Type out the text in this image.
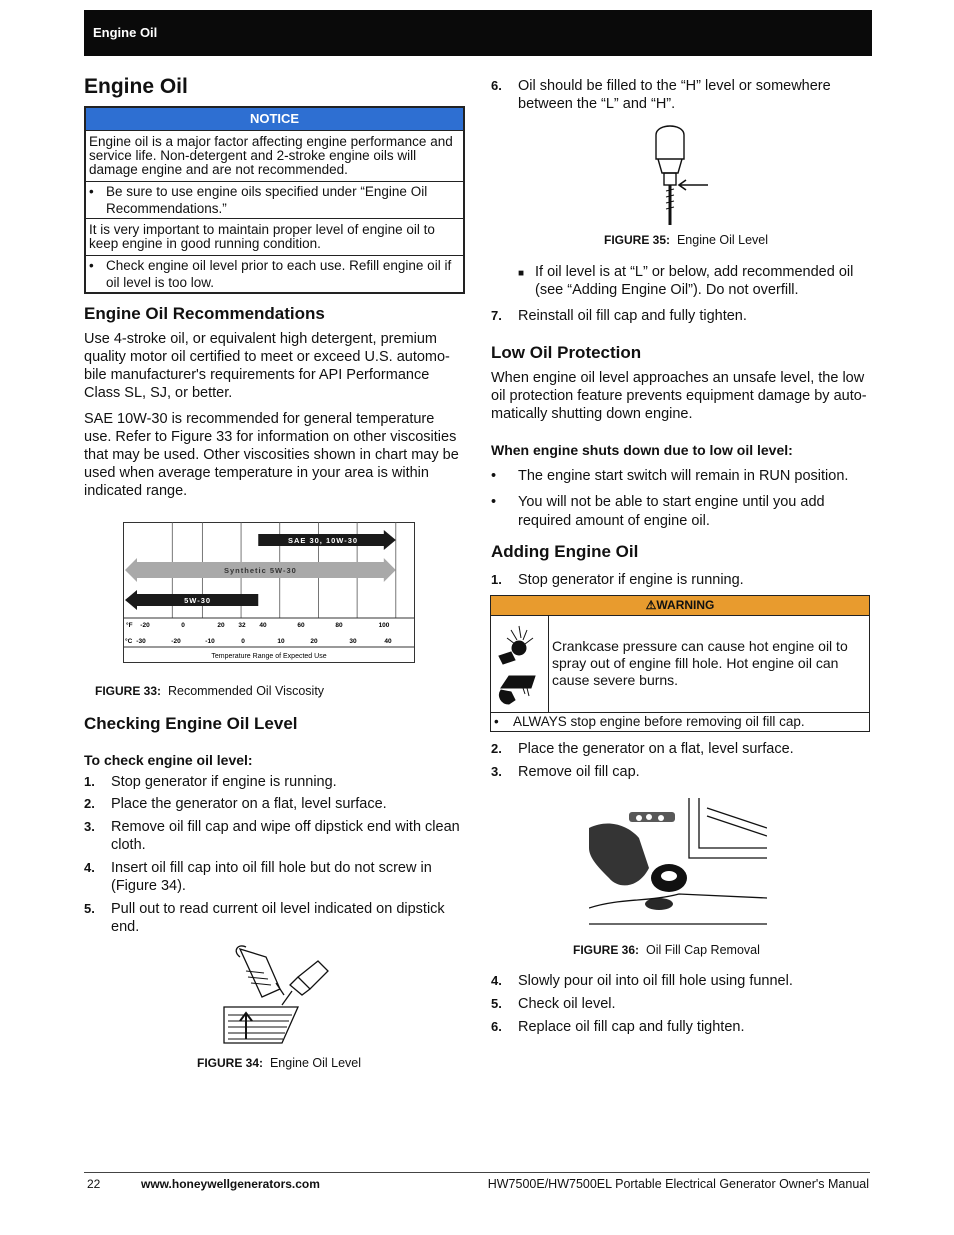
Engine Oil
Engine Oil
NOTICE
Engine oil is a major factor affecting engine performance and service life. Non-detergent and 2-stroke engine oils will damage engine and are not recommended.
• Be sure to use engine oils specified under “Engine Oil Recommendations.”
It is very important to maintain proper level of engine oil to keep engine in good running condition.
• Check engine oil level prior to each use. Refill engine oil if oil level is too low.
Engine Oil Recommendations

Use 4-stroke oil, or equivalent high detergent, premium quality motor oil certified to meet or exceed U.S. automo-bile manufacturer's requirements for API Performance Class SL, SJ, or better.

SAE 10W-30 is recommended for general temperature use. Refer to Figure 33 for information on other viscosities that may be used. Other viscosities shown in chart may be used when average temperature in your area is within indicated range.

SAE 30, 10W-30
Synthetic 5W-30
5W-30
°F
°C
-20	0	20 32 40	60	80	100
-30	-20	-10	0	10	20	30	40
Temperature Range of Expected Use
FIGURE 33: Recommended Oil Viscosity
Checking Engine Oil Level
To check engine oil level:
1.	Stop generator if engine is running.
2.	Place the generator on a flat, level surface.
3.	Remove oil fill cap and wipe off dipstick end with clean cloth.
4.	Insert oil fill cap into oil fill hole but do not screw in (Figure 34).
5.	Pull out to read current oil level indicated on dipstick end.
FIGURE 34: Engine Oil Level
6.	Oil should be filled to the “H” level or somewhere between the “L” and “H”.
FIGURE 35: Engine Oil Level
■ If oil level is at “L” or below, add recommended oil (see “Adding Engine Oil”). Do not overfill.
7.	Reinstall oil fill cap and fully tighten.
Low Oil Protection

When engine oil level approaches an unsafe level, the low oil protection feature prevents equipment damage by auto-matically shutting down engine.

When engine shuts down due to low oil level:
•	The engine start switch will remain in RUN position.
•	You will not be able to start engine until you add required amount of engine oil.
Adding Engine Oil
1.	Stop generator if engine is running.
⚠WARNING
Crankcase pressure can cause hot engine oil to spray out of engine fill hole. Hot engine oil can cause severe burns.
•	ALWAYS stop engine before removing oil fill cap.
2.	Place the generator on a flat, level surface.
3.	Remove oil fill cap.
FIGURE 36: Oil Fill Cap Removal
4.	Slowly pour oil into oil fill hole using funnel.
5.	Check oil level.
6.	Replace oil fill cap and fully tighten.
22	www.honeywellgenerators.com	HW7500E/HW7500EL Portable Electrical Generator Owner's Manual
